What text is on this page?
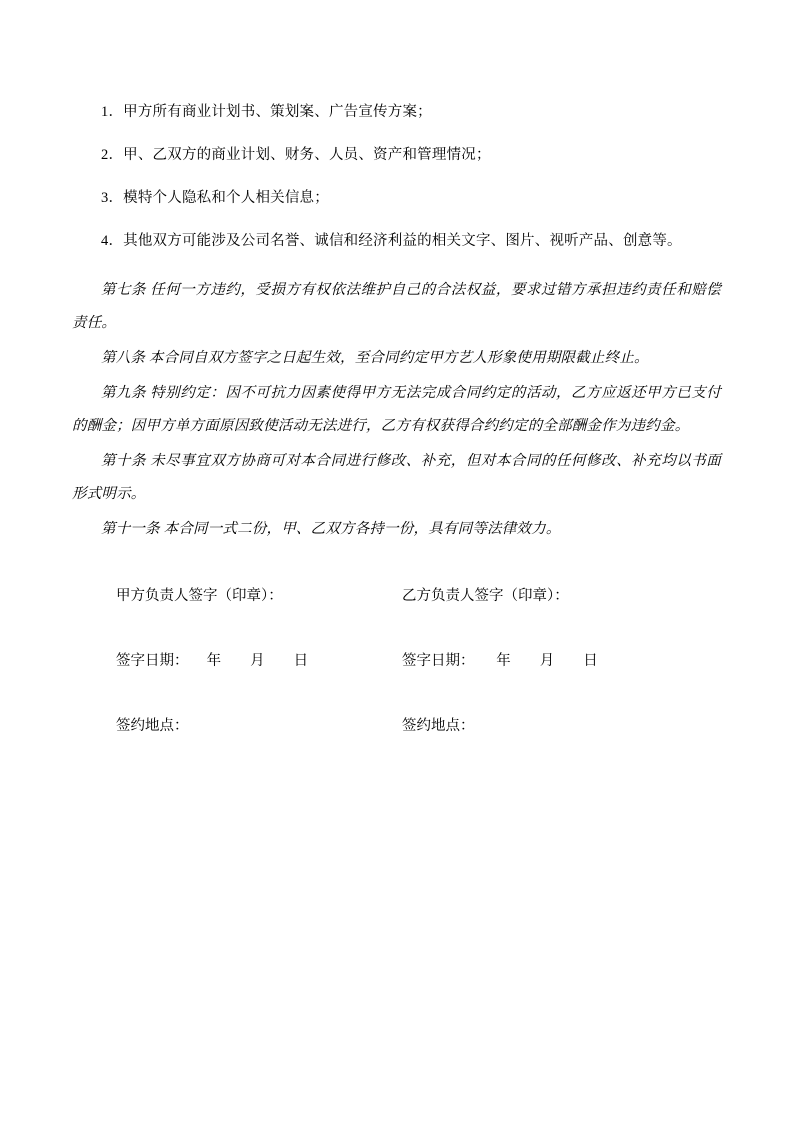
1．甲方所有商业计划书、策划案、广告宣传方案；

2．甲、乙双方的商业计划、财务、人员、资产和管理情况；

3．模特个人隐私和个人相关信息；

4．其他双方可能涉及公司名誉、诚信和经济利益的相关文字、图片、视听产品、创意等。

第七条 任何一方违约，受损方有权依法维护自己的合法权益，要求过错方承担违约责任和赔偿责任。

第八条 本合同自双方签字之日起生效，至合同约定甲方艺人形象使用期限截止终止。

第九条 特别约定：因不可抗力因素使得甲方无法完成合同约定的活动，乙方应返还甲方已支付的酬金；因甲方单方面原因致使活动无法进行，乙方有权获得合约约定的全部酬金作为违约金。

第十条 未尽事宜双方协商可对本合同进行修改、补充，但对本合同的任何修改、补充均以书面形式明示。

第十一条 本合同一式二份，甲、乙双方各持一份，具有同等法律效力。

甲方负责人签字（印章）：	乙方负责人签字（印章）：
签字日期：     年        月        日	签字日期：      年        月        日
签约地点：	签约地点：
